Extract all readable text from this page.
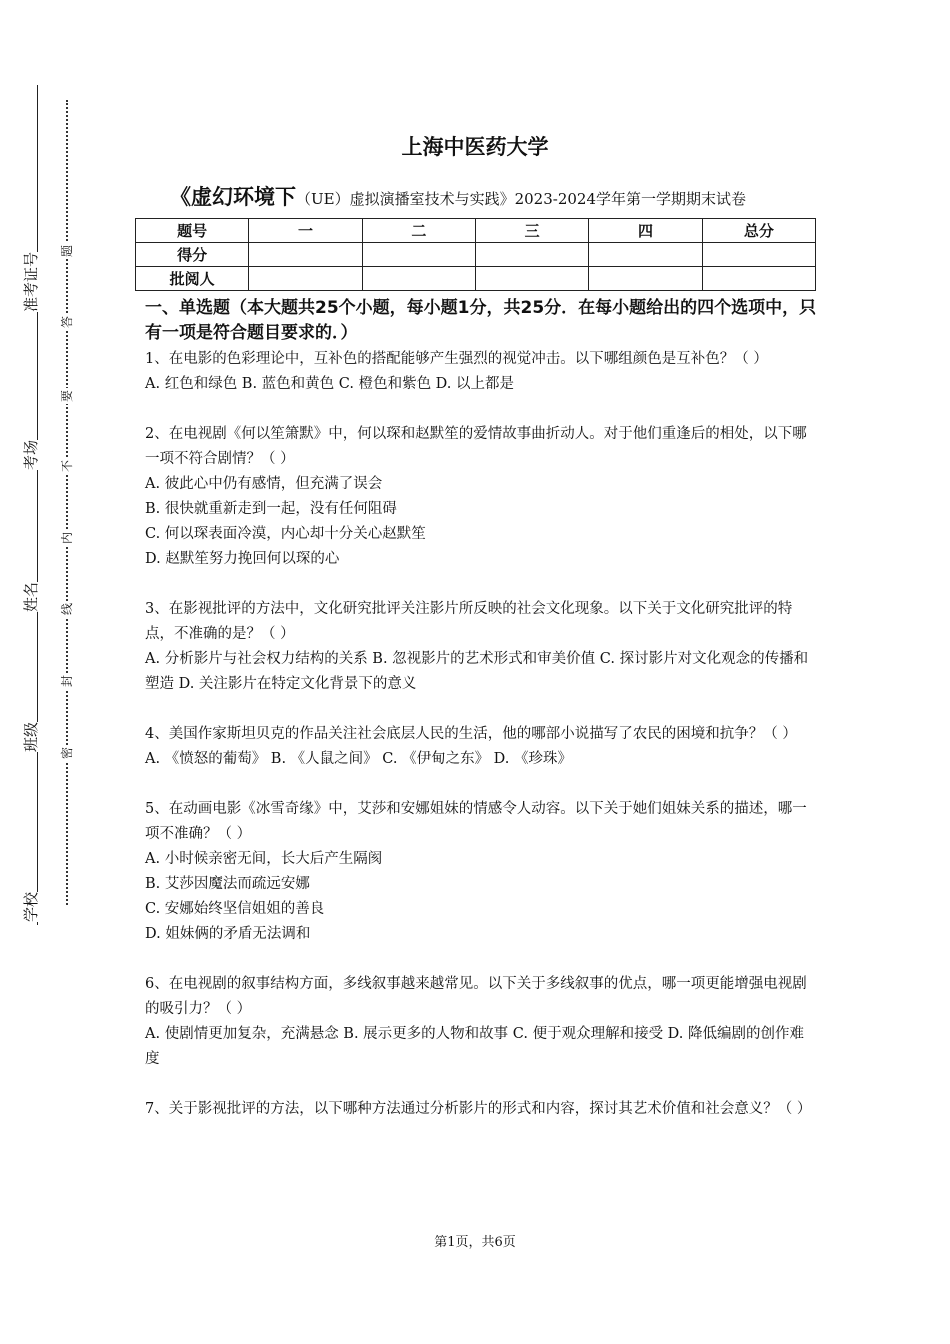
准考证号
考场
姓名
班级
学校
题
答
要
不
内
线
封
密
上海中医药大学
《虚幻环境下（UE）虚拟演播室技术与实践》2023-2024学年第一学期期末试卷
题号	一	二	三	四	总分
得分					
批阅人					
一、单选题（本大题共25个小题，每小题1分，共25分．在每小题给出的四个选项中，只有一项是符合题目要求的．）

1、在电影的色彩理论中，互补色的搭配能够产生强烈的视觉冲击。以下哪组颜色是互补色？（ ）

A. 红色和绿色 B. 蓝色和黄色 C. 橙色和紫色 D. 以上都是

2、在电视剧《何以笙箫默》中，何以琛和赵默笙的爱情故事曲折动人。对于他们重逢后的相处，以下哪一项不符合剧情？（ ）

A. 彼此心中仍有感情，但充满了误会

B. 很快就重新走到一起，没有任何阻碍

C. 何以琛表面冷漠，内心却十分关心赵默笙

D. 赵默笙努力挽回何以琛的心

3、在影视批评的方法中，文化研究批评关注影片所反映的社会文化现象。以下关于文化研究批评的特点，不准确的是？（ ）

A. 分析影片与社会权力结构的关系 B. 忽视影片的艺术形式和审美价值 C. 探讨影片对文化观念的传播和塑造 D. 关注影片在特定文化背景下的意义

4、美国作家斯坦贝克的作品关注社会底层人民的生活，他的哪部小说描写了农民的困境和抗争？（ ）

A. 《愤怒的葡萄》 B. 《人鼠之间》 C. 《伊甸之东》 D. 《珍珠》

5、在动画电影《冰雪奇缘》中，艾莎和安娜姐妹的情感令人动容。以下关于她们姐妹关系的描述，哪一项不准确？（ ）

A. 小时候亲密无间，长大后产生隔阂

B. 艾莎因魔法而疏远安娜

C. 安娜始终坚信姐姐的善良

D. 姐妹俩的矛盾无法调和

6、在电视剧的叙事结构方面，多线叙事越来越常见。以下关于多线叙事的优点，哪一项更能增强电视剧的吸引力？（ ）

A. 使剧情更加复杂，充满悬念 B. 展示更多的人物和故事 C. 便于观众理解和接受 D. 降低编剧的创作难度

7、关于影视批评的方法，以下哪种方法通过分析影片的形式和内容，探讨其艺术价值和社会意义？（ ）

第1页，共6页
